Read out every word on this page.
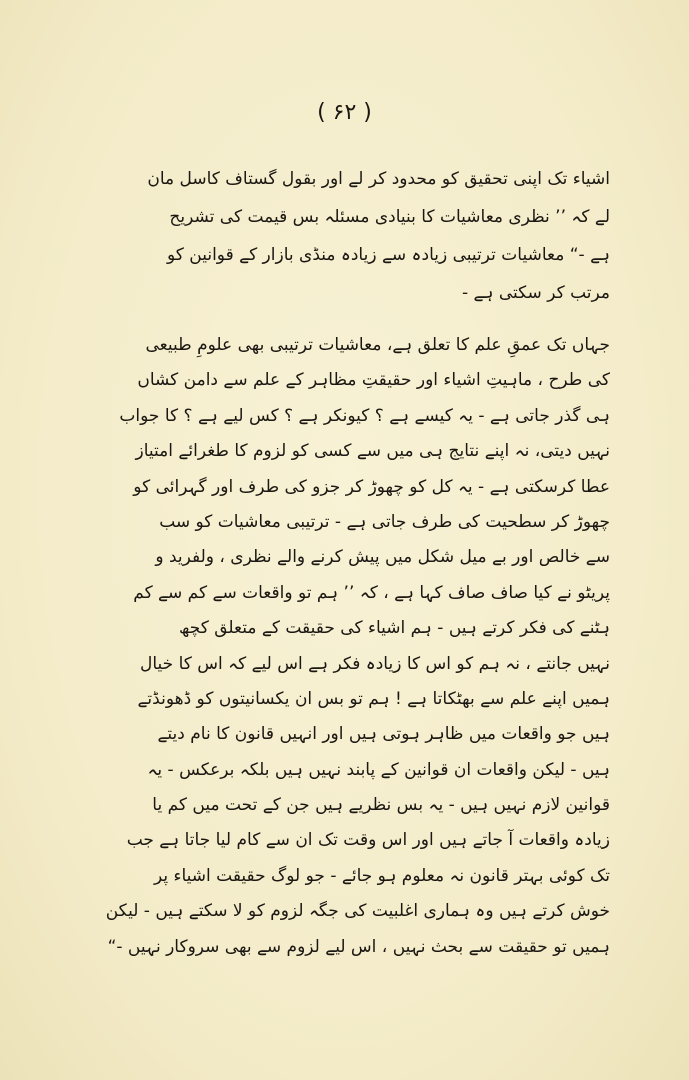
( ۶۲ )
اشیاء تک اپنی تحقیق کو محدود کر لے اور بقول گستاف کاسل مان
لے کہ ’’ نظری معاشیات کا بنیادی مسئلہ بس قیمت کی تشریح
ہے -“ معاشیات ترتیبی زیادہ سے زیادہ منڈی بازار کے قوانین کو
مرتب کر سکتی ہے -
جہاں تک عمقِ علم کا تعلق ہے، معاشیات ترتیبی بھی علومِ طبیعی
کی طرح ، ماہیتِ اشیاء اور حقیقتِ مظاہر کے علم سے دامن کشاں
ہی گذر جاتی ہے - یہ کیسے ہے ؟ کیونکر ہے ؟ کس لیے ہے ؟ کا جواب
نہیں دیتی، نہ اپنے نتایج ہی میں سے کسی کو لزوم کا طغرائے امتیاز
عطا کرسکتی ہے - یہ کل کو چھوڑ کر جزو کی طرف اور گہرائی کو
چھوڑ کر سطحیت کی طرف جاتی ہے - ترتیبی معاشیات کو سب
سے خالص اور بے میل شکل میں پیش کرنے والے نظری ، ولفرید و
پریٹو نے کیا صاف صاف کہا ہے ، کہ ’’ ہم تو واقعات سے کم سے کم
ہٹنے کی فکر کرتے ہیں - ہم اشیاء کی حقیقت کے متعلق کچھ
نہیں جانتے ، نہ ہم کو اس کا زیادہ فکر ہے اس لیے کہ اس کا خیال
ہمیں اپنے علم سے بھٹکاتا ہے ! ہم تو بس ان یکسانیتوں کو ڈھونڈتے
ہیں جو واقعات میں ظاہر ہوتی ہیں اور انہیں قانون کا نام دیتے
ہیں - لیکن واقعات ان قوانین کے پابند نہیں ہیں بلکہ برعکس - یہ
قوانین لازم نہیں ہیں - یہ بس نظریے ہیں جن کے تحت میں کم یا
زیادہ واقعات آ جاتے ہیں اور اس وقت تک ان سے کام لیا جاتا ہے جب
تک کوئی بہتر قانون نہ معلوم ہو جائے - جو لوگ حقیقت اشیاء پر
خوش کرتے ہیں وہ ہماری اغلبیت کی جگہ لزوم کو لا سکتے ہیں - لیکن
ہمیں تو حقیقت سے بحث نہیں ، اس لیے لزوم سے بھی سروکار نہیں -“
